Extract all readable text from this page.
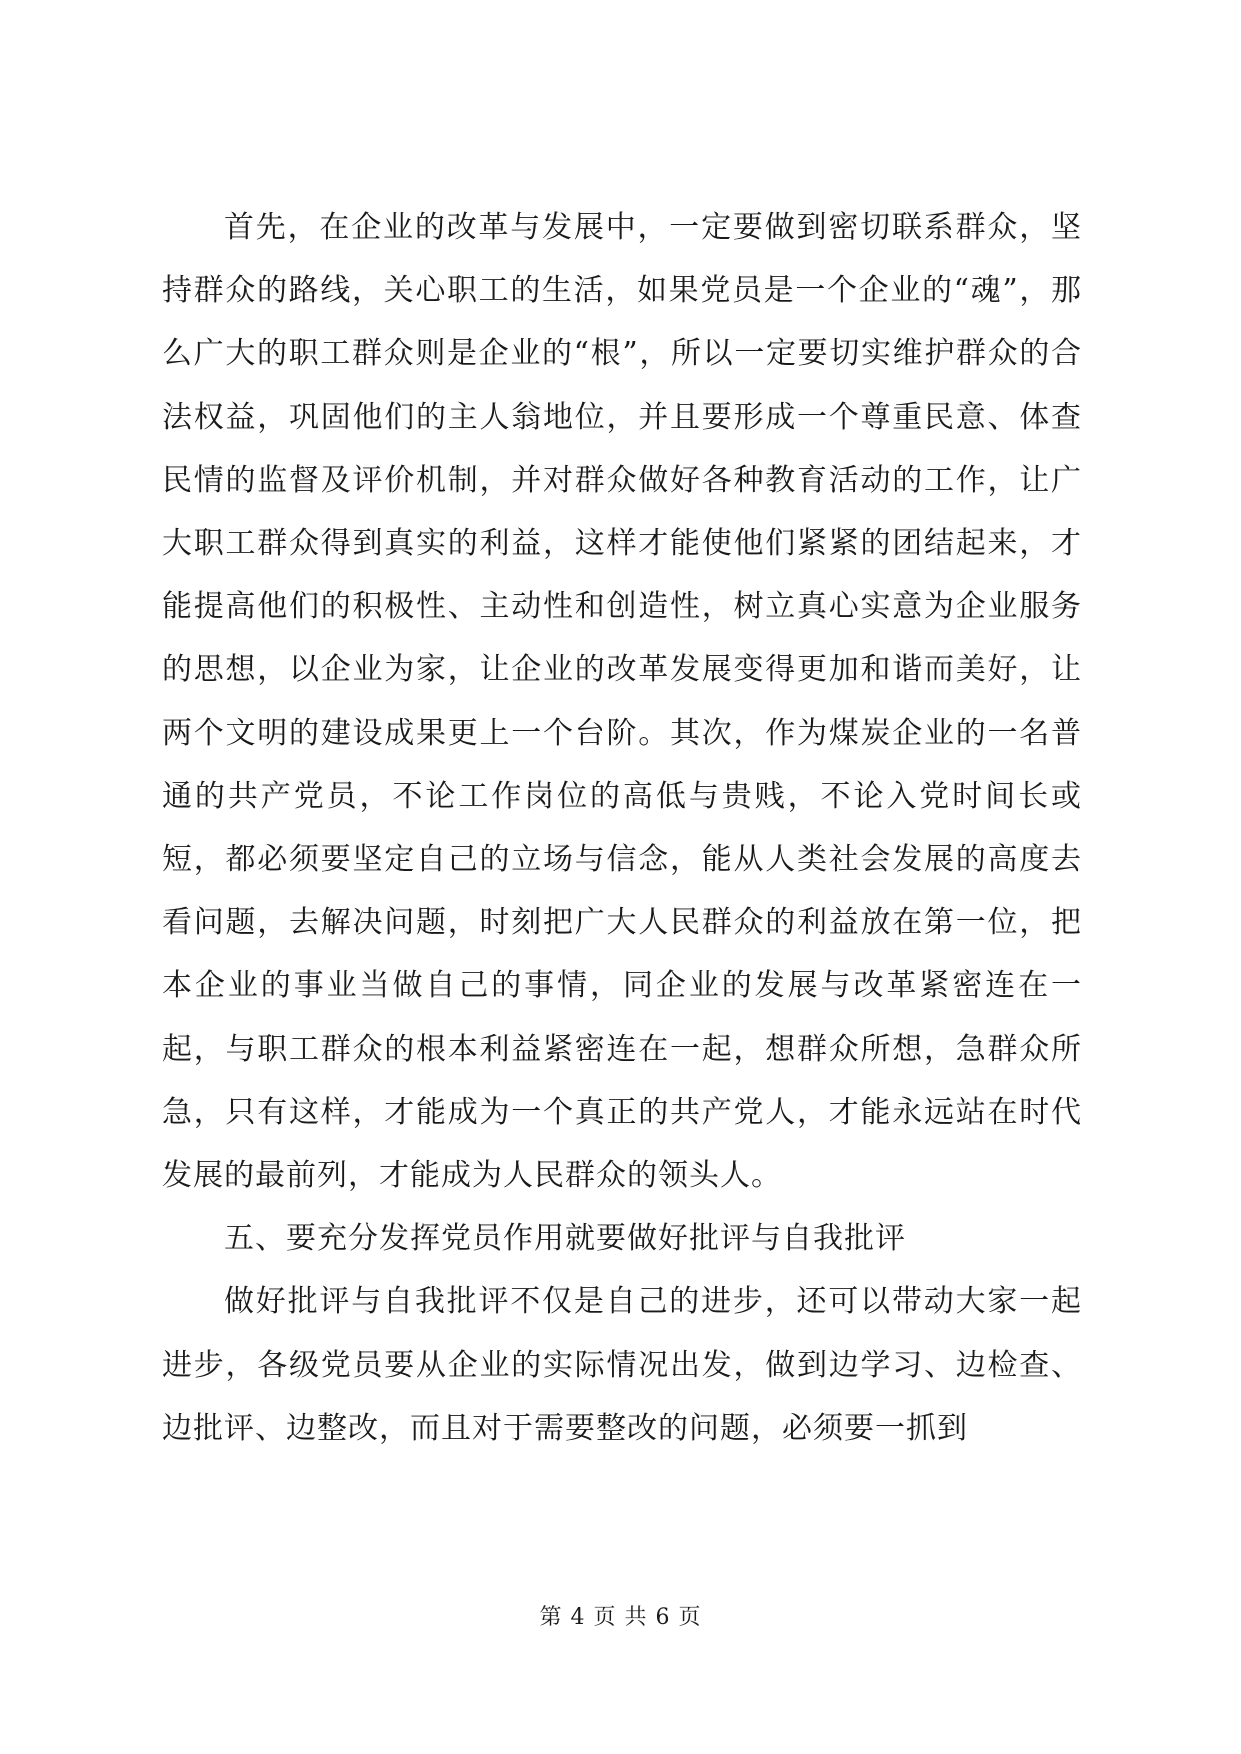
首先，在企业的改革与发展中，一定要做到密切联系群众，坚持群众的路线，关心职工的生活，如果党员是一个企业的“魂”，那么广大的职工群众则是企业的“根”，所以一定要切实维护群众的合法权益，巩固他们的主人翁地位，并且要形成一个尊重民意、体查民情的监督及评价机制，并对群众做好各种教育活动的工作，让广大职工群众得到真实的利益，这样才能使他们紧紧的团结起来，才能提高他们的积极性、主动性和创造性，树立真心实意为企业服务的思想，以企业为家，让企业的改革发展变得更加和谐而美好，让两个文明的建设成果更上一个台阶。其次，作为煤炭企业的一名普通的共产党员，不论工作岗位的高低与贵贱，不论入党时间长或短，都必须要坚定自己的立场与信念，能从人类社会发展的高度去看问题，去解决问题，时刻把广大人民群众的利益放在第一位，把本企业的事业当做自己的事情，同企业的发展与改革紧密连在一起，与职工群众的根本利益紧密连在一起，想群众所想，急群众所急，只有这样，才能成为一个真正的共产党人，才能永远站在时代发展的最前列，才能成为人民群众的领头人。

五、要充分发挥党员作用就要做好批评与自我批评

做好批评与自我批评不仅是自己的进步，还可以带动大家一起进步，各级党员要从企业的实际情况出发，做到边学习、边检查、边批评、边整改，而且对于需要整改的问题，必须要一抓到

第 4 页 共 6 页
